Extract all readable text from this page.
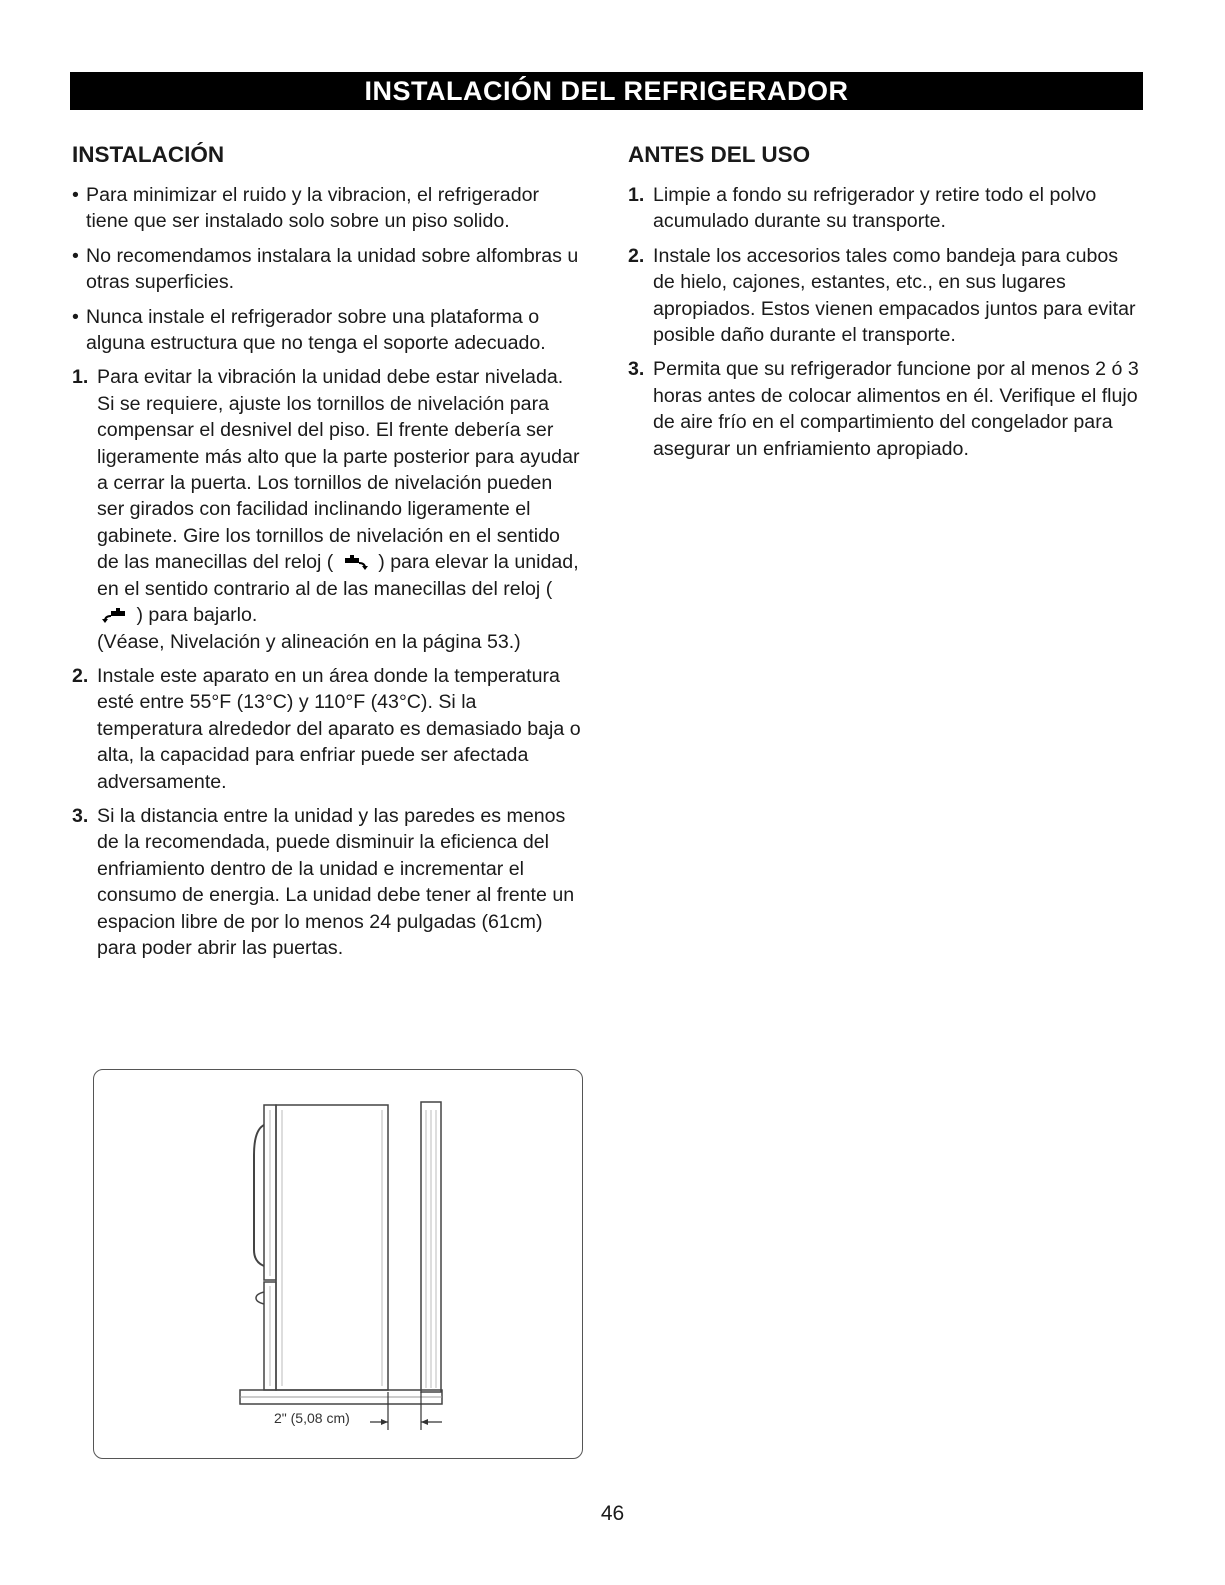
INSTALACIÓN DEL REFRIGERADOR
INSTALACIÓN
• Para minimizar el ruido y la vibracion, el refrigerador tiene que ser instalado solo sobre un piso solido.
• No recomendamos instalara la unidad sobre alfombras u otras superficies.
• Nunca instale el refrigerador sobre una plataforma o alguna estructura que no tenga el soporte adecuado.
1. Para evitar la vibración la unidad debe estar nivelada. Si se requiere, ajuste los tornillos de nivelación para compensar el desnivel del piso. El frente debería ser ligeramente más alto que la parte posterior para ayudar a cerrar la puerta. Los tornillos de nivelación pueden ser girados con facilidad inclinando ligeramente el gabinete. Gire los tornillos de nivelación en el sentido de las manecillas del reloj ( ) para elevar la unidad, en el sentido contrario al de las manecillas del reloj (  ) para bajarlo.
(Véase, Nivelación y alineación en la página 53.)
2. Instale este aparato en un área donde la temperatura esté entre 55°F (13°C) y 110°F (43°C). Si la temperatura alrededor del aparato es demasiado baja o alta, la capacidad para enfriar puede ser afectada adversamente.
3. Si la distancia entre la unidad y las paredes es menos de la recomendada, puede disminuir la eficienca del enfriamiento dentro de la unidad e incrementar el consumo de energia. La unidad debe tener al frente un espacion libre de por lo menos 24 pulgadas (61cm) para poder abrir las puertas.
2" (5,08 cm)
ANTES DEL USO
1. Limpie a fondo su refrigerador y retire todo el polvo acumulado durante su transporte.
2. Instale los accesorios tales como bandeja para cubos de hielo, cajones, estantes, etc., en sus lugares apropiados. Estos vienen empacados juntos para evitar posible daño durante el transporte.
3. Permita que su refrigerador funcione por al menos 2 ó 3 horas antes de colocar alimentos en él. Verifique el flujo de aire frío en el compartimiento del congelador para asegurar un enfriamiento apropiado.
46
